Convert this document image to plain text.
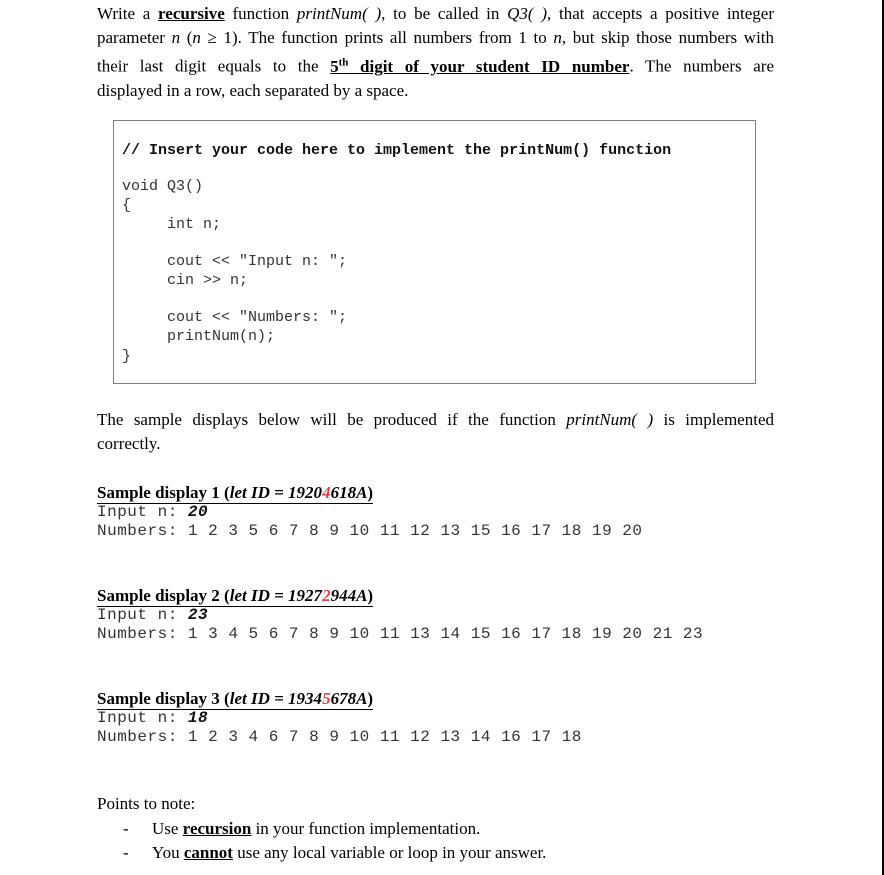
Write a recursive function printNum( ), to be called in Q3( ), that accepts a positive integer
parameter n (n ≥ 1). The function prints all numbers from 1 to n, but skip those numbers with
their last digit equals to the 5th digit of your student ID number. The numbers are
displayed in a row, each separated by a space.
// Insert your code here to implement the printNum() function
void Q3()
{
int n;
cout << "Input n: ";
cin >> n;
cout << "Numbers: ";
printNum(n);
}
The sample displays below will be produced if the function printNum( ) is implemented
correctly.
Sample display 1 (let ID = 19204618A)
Input n: 20
Numbers: 1 2 3 5 6 7 8 9 10 11 12 13 15 16 17 18 19 20
Sample display 2 (let ID = 19272944A)
Input n: 23
Numbers: 1 3 4 5 6 7 8 9 10 11 13 14 15 16 17 18 19 20 21 23
Sample display 3 (let ID = 19345678A)
Input n: 18
Numbers: 1 2 3 4 6 7 8 9 10 11 12 13 14 16 17 18
Points to note:
- Use recursion in your function implementation.
- You cannot use any local variable or loop in your answer.
